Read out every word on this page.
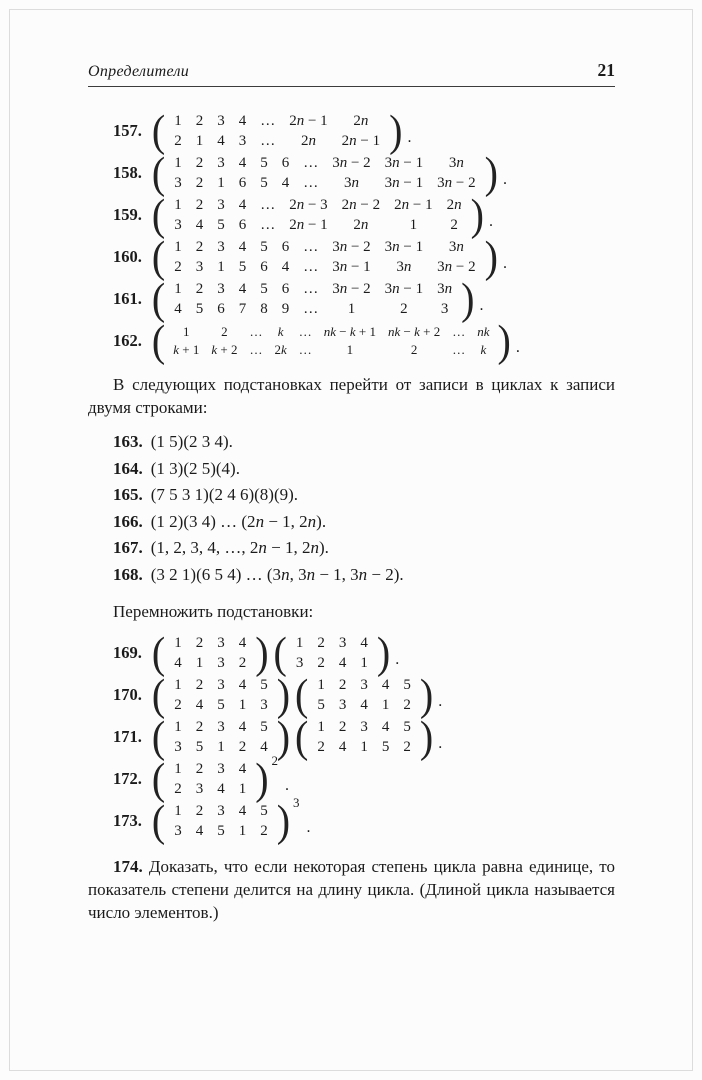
Определители	21
157. ( 1
2
2
1
3
4
4
3
…
…
2n − 1
2n
2n
2n − 1 ) .
158. ( 1
3
2
2
3
1
4
6
5
5
6
4
…
…
3n − 2
3n
3n − 1
3n − 1
3n
3n − 2 ) .
159. ( 1
3
2
4
3
5
4
6
…
…
2n − 3
2n − 1
2n − 2
2n
2n − 1
1
2n
2 ) .
160. ( 1
2
2
3
3
1
4
5
5
6
6
4
…
…
3n − 2
3n − 1
3n − 1
3n
3n
3n − 2 ) .
161. ( 1
4
2
5
3
6
4
7
5
8
6
9
…
…
3n − 2
1
3n − 1
2
3n
3 ) .
162. ( 1
k + 1
2
k + 2
…
…
k
2k
…
…
nk − k + 1
1
nk − k + 2
2
…
…
nk
k ) .

В следующих подстановках перейти от записи в циклах к записи двумя строками:

163. (1 5)(2 3 4).
164. (1 3)(2 5)(4).
165. (7 5 3 1)(2 4 6)(8)(9).
166. (1 2)(3 4) … (2n − 1, 2n).
167. (1, 2, 3, 4, …, 2n − 1, 2n).
168. (3 2 1)(6 5 4) … (3n, 3n − 1, 3n − 2).

Перемножить подстановки:

169. ( 1
4
2
1
3
3
4
2 ) ( 1
3
2
2
3
4
4
1 ) .
170. ( 1
2
2
4
3
5
4
1
5
3 ) ( 1
5
2
3
3
4
4
1
5
2 ) .
171. ( 1
3
2
5
3
1
4
2
5
4 ) ( 1
2
2
4
3
1
4
5
5
2 ) .
172. ( 1
2
2
3
3
4
4
1 )$^2$
.
173. ( 1
3
2
4
3
5
4
1
5
2 )$^3$
.

174. Доказать, что если некоторая степень цикла равна единице, то показатель степени делится на длину цикла. (Длиной цикла называется число элементов.)
